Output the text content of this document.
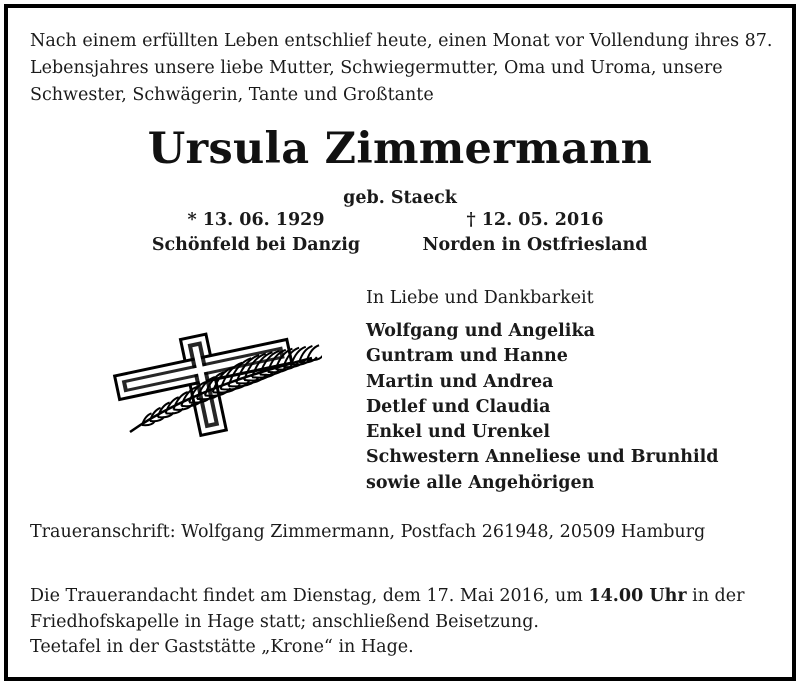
Nach einem erfüllten Leben entschlief heute, einen Monat vor Vollendung ihres 87. Lebensjahres unsere liebe Mutter, Schwiegermutter, Oma und Uroma, unsere Schwester, Schwägerin, Tante und Großtante
Ursula Zimmermann
geb. Staeck
* 13. 06. 1929
Schönfeld bei Danzig
† 12. 05. 2016
Norden in Ostfriesland
In Liebe und Dankbarkeit
Wolfgang und Angelika
Guntram und Hanne
Martin und Andrea
Detlef und Claudia
Enkel und Urenkel
Schwestern Anneliese und Brunhild
sowie alle Angehörigen
Traueranschrift: Wolfgang Zimmermann, Postfach 261948, 20509 Hamburg
Die Trauerandacht findet am Dienstag, dem 17. Mai 2016, um 14.00 Uhr in der Friedhofskapelle in Hage statt; anschließend Beisetzung.
Teetafel in der Gaststätte „Krone“ in Hage.
